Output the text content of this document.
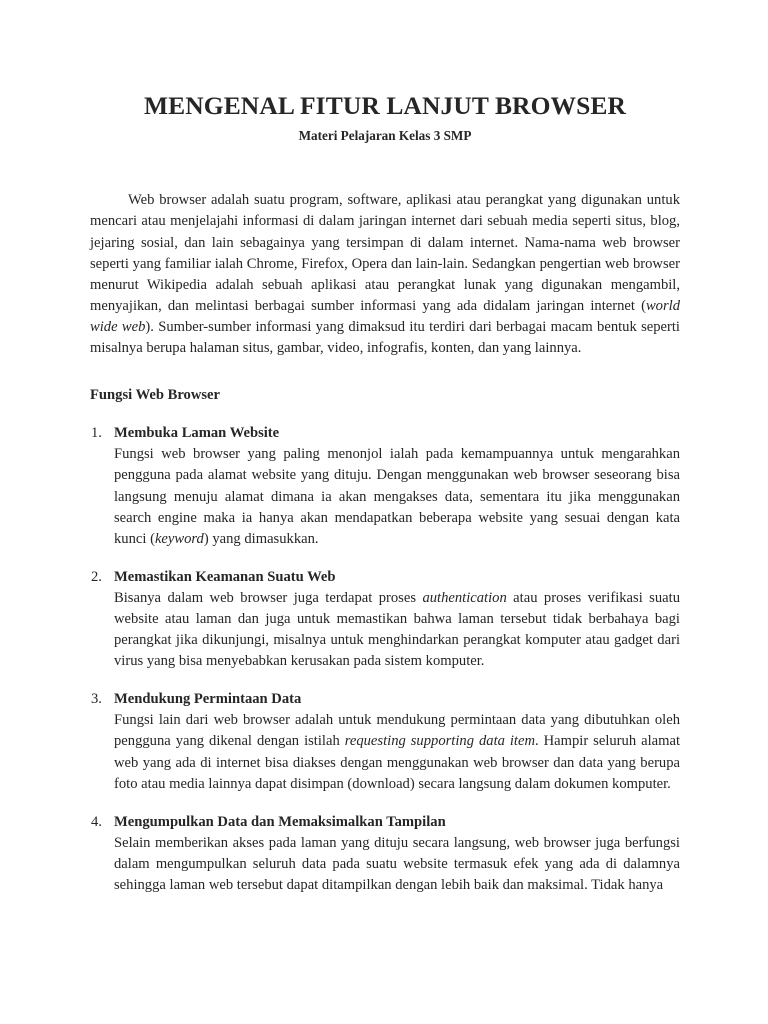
MENGENAL FITUR LANJUT BROWSER
Materi Pelajaran Kelas 3 SMP

Web browser adalah suatu program, software, aplikasi atau perangkat yang digunakan untuk mencari atau menjelajahi informasi di dalam jaringan internet dari sebuah media seperti situs, blog, jejaring sosial, dan lain sebagainya yang tersimpan di dalam internet. Nama-nama web browser seperti yang familiar ialah Chrome, Firefox, Opera dan lain-lain. Sedangkan pengertian web browser menurut Wikipedia adalah sebuah aplikasi atau perangkat lunak yang digunakan mengambil, menyajikan, dan melintasi berbagai sumber informasi yang ada didalam jaringan internet (world wide web). Sumber-sumber informasi yang dimaksud itu terdiri dari berbagai macam bentuk seperti misalnya berupa halaman situs, gambar, video, infografis, konten, dan yang lainnya.

Fungsi Web Browser
1. Membuka Laman Website

Fungsi web browser yang paling menonjol ialah pada kemampuannya untuk mengarahkan pengguna pada alamat website yang dituju. Dengan menggunakan web browser seseorang bisa langsung menuju alamat dimana ia akan mengakses data, sementara itu jika menggunakan search engine maka ia hanya akan mendapatkan beberapa website yang sesuai dengan kata kunci (keyword) yang dimasukkan.

2. Memastikan Keamanan Suatu Web

Bisanya dalam web browser juga terdapat proses authentication atau proses verifikasi suatu website atau laman dan juga untuk memastikan bahwa laman tersebut tidak berbahaya bagi perangkat jika dikunjungi, misalnya untuk menghindarkan perangkat komputer atau gadget dari virus yang bisa menyebabkan kerusakan pada sistem komputer.

3. Mendukung Permintaan Data

Fungsi lain dari web browser adalah untuk mendukung permintaan data yang dibutuhkan oleh pengguna yang dikenal dengan istilah requesting supporting data item. Hampir seluruh alamat web yang ada di internet bisa diakses dengan menggunakan web browser dan data yang berupa foto atau media lainnya dapat disimpan (download) secara langsung dalam dokumen komputer.

4. Mengumpulkan Data dan Memaksimalkan Tampilan

Selain memberikan akses pada laman yang dituju secara langsung, web browser juga berfungsi dalam mengumpulkan seluruh data pada suatu website termasuk efek yang ada di dalamnya sehingga laman web tersebut dapat ditampilkan dengan lebih baik dan maksimal. Tidak hanya
